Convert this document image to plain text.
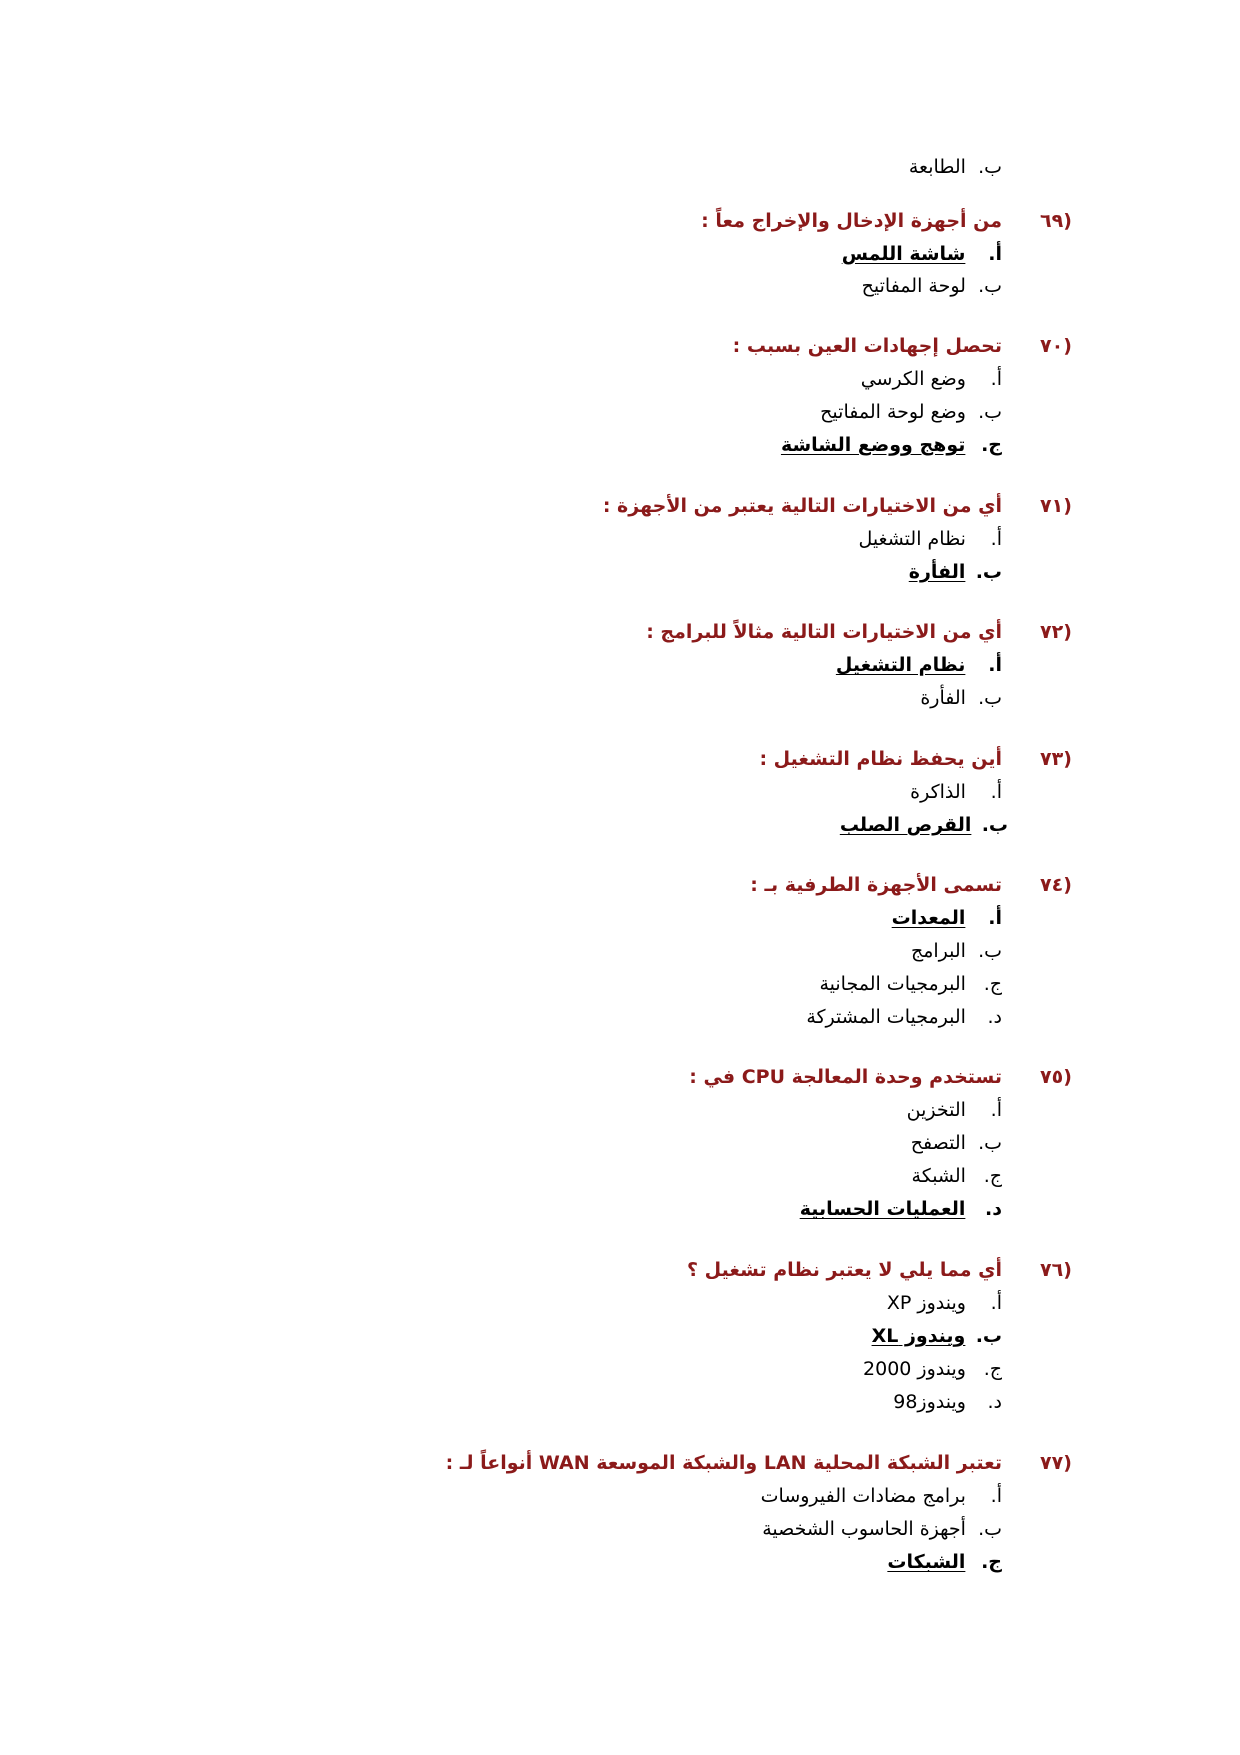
ب. الطابعة
٦٩)
من أجهزة الإدخال والإخراج معاً :
أ. شاشة اللمس
ب. لوحة المفاتيح
٧٠)
تحصل إجهادات العين بسبب :
أ. وضع الكرسي
ب. وضع لوحة المفاتيح
ج. توهج ووضع الشاشة
٧١)
أي من الاختيارات التالية يعتبر من الأجهزة :
أ. نظام التشغيل
ب. الفأرة
٧٢)
أي من الاختيارات التالية مثالاً للبرامج :
أ. نظام التشغيل
ب. الفأرة
٧٣)
أين يحفظ نظام التشغيل :
أ. الذاكرة
ب. القرص الصلب
٧٤)
تسمى الأجهزة الطرفية بـ :
أ. المعدات
ب. البرامج
ج. البرمجيات المجانية
د. البرمجيات المشتركة
٧٥)
تستخدم وحدة المعالجة CPU في :
أ. التخزين
ب. التصفح
ج. الشبكة
د. العمليات الحسابية
٧٦)
أي مما يلي لا يعتبر نظام تشغيل ؟
أ. ويندوز XP
ب. ويندوز XL
ج. ويندوز 2000
د. ويندوز98
٧٧)
تعتبر الشبكة المحلية LAN والشبكة الموسعة WAN أنواعاً لـ :
أ. برامج مضادات الفيروسات
ب. أجهزة الحاسوب الشخصية
ج. الشبكات
